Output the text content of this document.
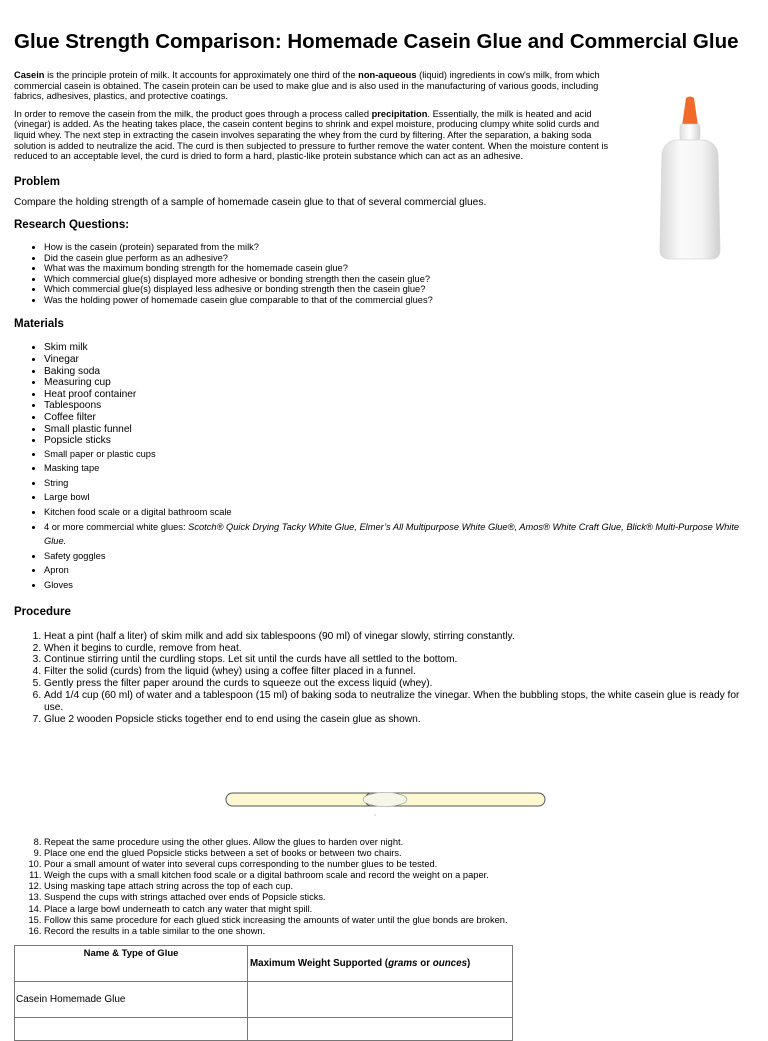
Glue Strength Comparison: Homemade Casein Glue and Commercial Glue

Casein is the principle protein of milk. It accounts for approximately one third of the non-aqueous (liquid) ingredients in cow's milk, from which commercial casein is obtained. The casein protein can be used to make glue and is also used in the manufacturing of various goods, including fabrics, adhesives, plastics, and protective coatings.

In order to remove the casein from the milk, the product goes through a process called precipitation. Essentially, the milk is heated and acid (vinegar) is added. As the heating takes place, the casein content begins to shrink and expel moisture, producing clumpy white solid curds and liquid whey. The next step in extracting the casein involves separating the whey from the curd by filtering. After the separation, a baking soda solution is added to neutralize the acid. The curd is then subjected to pressure to further remove the water content. When the moisture content is reduced to an acceptable level, the curd is dried to form a hard, plastic-like protein substance which can act as an adhesive.

Problem

Compare the holding strength of a sample of homemade casein glue to that of several commercial glues.

Research Questions:
• How is the casein (protein) separated from the milk?
• Did the casein glue perform as an adhesive?
• What was the maximum bonding strength for the homemade casein glue?
• Which commercial glue(s) displayed more adhesive or bonding strength then the casein glue?
• Which commercial glue(s) displayed less adhesive or bonding strength then the casein glue?
• Was the holding power of homemade casein glue comparable to that of the commercial glues?
Materials
• Skim milk
• Vinegar
• Baking soda
• Measuring cup
• Heat proof container
• Tablespoons
• Coffee filter
• Small plastic funnel
• Popsicle sticks
• Small paper or plastic cups
• Masking tape
• String
• Large bowl
• Kitchen food scale or a digital bathroom scale
• 4 or more commercial white glues: Scotch® Quick Drying Tacky White Glue, Elmer’s All Multipurpose White Glue®, Amos® White Craft Glue, Blick® Multi-Purpose White Glue.
• Safety goggles
• Apron
• Gloves
Procedure
1. Heat a pint (half a liter) of skim milk and add six tablespoons (90 ml) of vinegar slowly, stirring constantly.
2. When it begins to curdle, remove from heat.
3. Continue stirring until the curdling stops. Let sit until the curds have all settled to the bottom.
4. Filter the solid (curds) from the liquid (whey) using a coffee filter placed in a funnel.
5. Gently press the filter paper around the curds to squeeze out the excess liquid (whey).
6. Add 1/4 cup (60 ml) of water and a tablespoon (15 ml) of baking soda to neutralize the vinegar. When the bubbling stops, the white casein glue is ready for use.
7. Glue 2 wooden Popsicle sticks together end to end using the casein glue as shown.
8. Repeat the same procedure using the other glues. Allow the glues to harden over night.
9. Place one end the glued Popsicle sticks between a set of books or between two chairs.
10. Pour a small amount of water into several cups corresponding to the number glues to be tested.
11. Weigh the cups with a small kitchen food scale or a digital bathroom scale and record the weight on a paper.
12. Using masking tape attach string across the top of each cup.
13. Suspend the cups with strings attached over ends of Popsicle sticks.
14. Place a large bowl underneath to catch any water that might spill.
15. Follow this same procedure for each glued stick increasing the amounts of water until the glue bonds are broken.
16. Record the results in a table similar to the one shown.
Name & Type of Glue	Maximum Weight Supported (grams or ounces)
Casein Homemade Glue	
